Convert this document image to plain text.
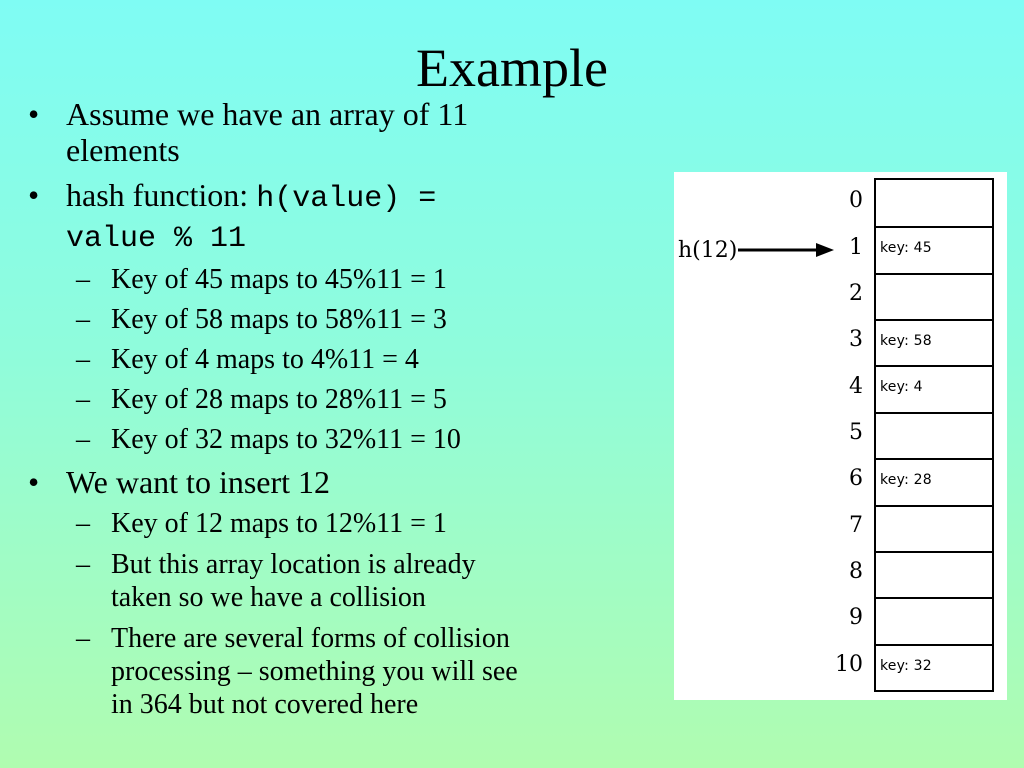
Example
• Assume we have an array of 11
elements
• hash function: h(value) =
value % 11
– Key of 45 maps to 45%11 = 1
– Key of 58 maps to 58%11 = 3
– Key of 4 maps to 4%11 = 4
– Key of 28 maps to 28%11 = 5
– Key of 32 maps to 32%11 = 10
• We want to insert 12
– Key of 12 maps to 12%11 = 1
– But this array location is already
taken so we have a collision
– There are several forms of collision
processing – something you will see
in 364 but not covered here
h(12)
0
1
2
3
4
5
6
7
8
9
10
key: 45
key: 58
key: 4
key: 28
key: 32
